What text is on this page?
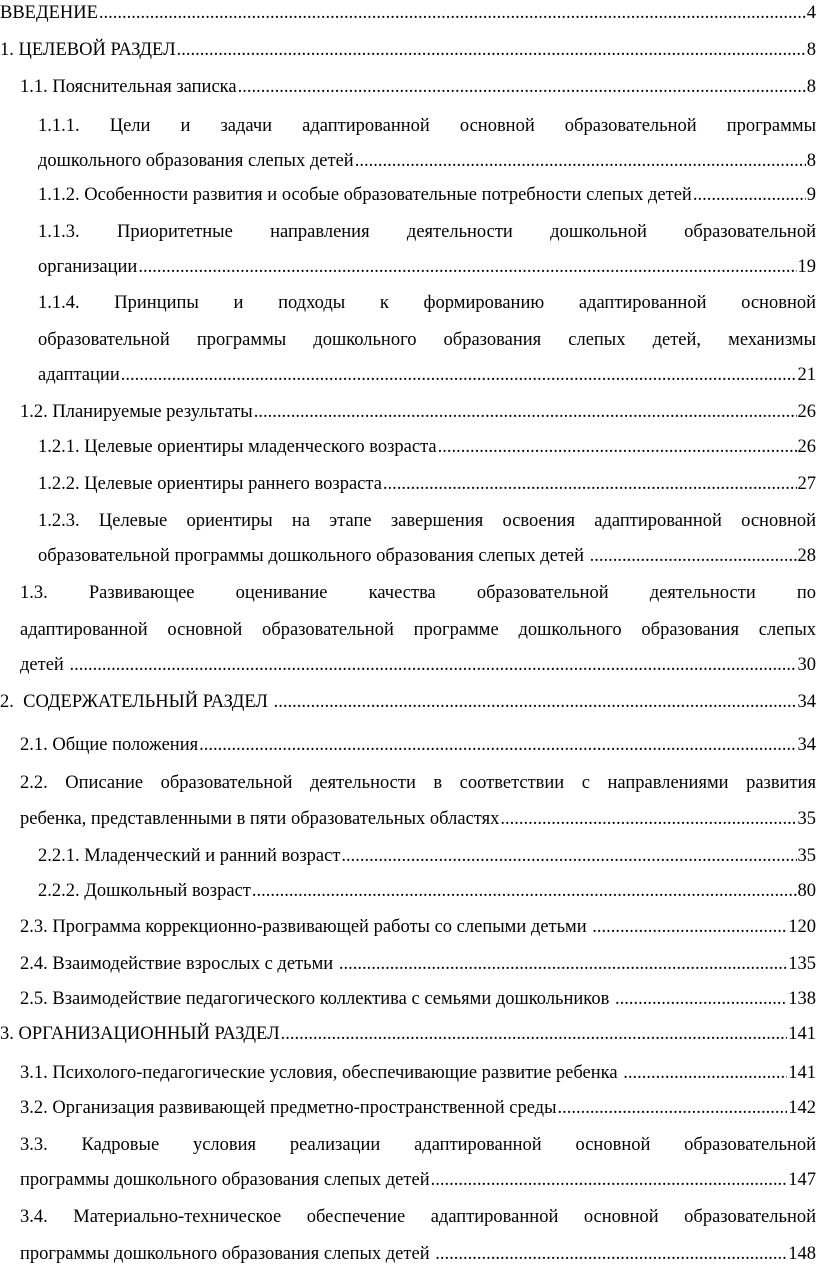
ВВЕДЕНИЕ .....	4
1. ЦЕЛЕВОЙ РАЗДЕЛ .....	8
1.1. Пояснительная записка .....	8
1.1.1. Цели и задачи адаптированной основной образовательной программы
дошкольного образования слепых детей .....	8
1.1.2. Особенности развития и особые образовательные потребности слепых детей .....	9
1.1.3. Приоритетные направления деятельности дошкольной образовательной
организации .....	19
1.1.4. Принципы и подходы к формированию адаптированной основной
образовательной программы дошкольного образования слепых детей, механизмы
адаптации .....	21
1.2. Планируемые результаты .....	26
1.2.1. Целевые ориентиры младенческого возраста .....	26
1.2.2. Целевые ориентиры раннего возраста .....	27
1.2.3. Целевые ориентиры на этапе завершения освоения адаптированной основной
образовательной программы дошкольного образования слепых детей .....	28
1.3. Развивающее оценивание качества образовательной деятельности по
адаптированной основной образовательной программе дошкольного образования слепых
детей .....	30
2.  СОДЕРЖАТЕЛЬНЫЙ РАЗДЕЛ .....	34
2.1. Общие положения .....	34
2.2. Описание образовательной деятельности в соответствии с направлениями развития
ребенка, представленными в пяти образовательных областях .....	35
2.2.1. Младенческий и ранний возраст .....	35
2.2.2. Дошкольный возраст .....	80
2.3. Программа коррекционно-развивающей работы со слепыми детьми .....	120
2.4. Взаимодействие взрослых с детьми .....	135
2.5. Взаимодействие педагогического коллектива с семьями дошкольников .....	138
3. ОРГАНИЗАЦИОННЫЙ РАЗДЕЛ .....	141
3.1. Психолого-педагогические условия, обеспечивающие развитие ребенка .....	141
3.2. Организация развивающей предметно-пространственной среды .....	142
3.3. Кадровые условия реализации адаптированной основной образовательной
программы дошкольного образования слепых детей .....	147
3.4. Материально-техническое обеспечение адаптированной основной образовательной
программы дошкольного образования слепых детей .....	148
